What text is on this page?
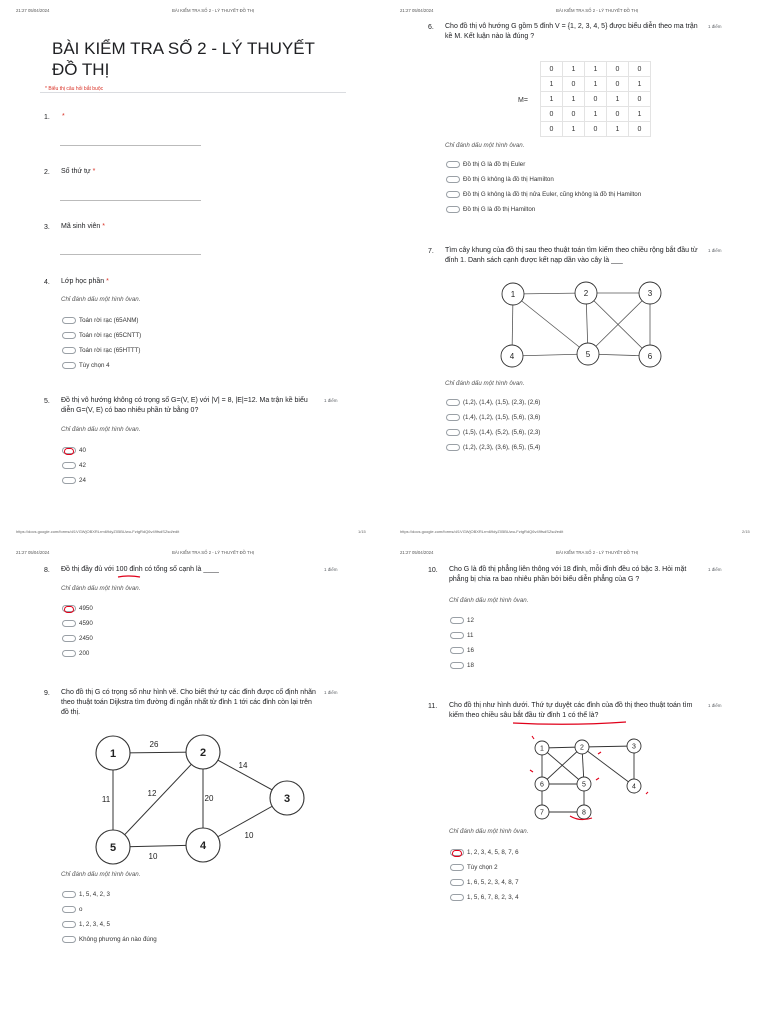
21:27 05/04/2024	BÀI KIỂM TRA SỐ 2 - LÝ THUYẾT ĐỒ THỊ
BÀI KIỂM TRA SỐ 2 - LÝ THUYẾT ĐỒ THỊ
* Biểu thị câu hỏi bắt buộc
1. *
2. Số thứ tự *
3. Mã sinh viên *
4. Lớp học phần *
Chỉ đánh dấu một hình ôvan.
Toán rời rạc (65ANM)
Toán rời rạc (65CNTT)
Toán rời rạc (65HTTT)
Tùy chọn 4
5. Đồ thị vô hướng không có trọng số G=(V, E) với |V| = 8, |E|=12. Ma trận kề biểu diễn G=(V, E) có bao nhiêu phần tử bằng 0?
1 điểm
Chỉ đánh dấu một hình ôvan.
40
42
24
https://docs.google.com/forms/d/1VGWjOBXRLrm69dyZ05BUwu-FztgRdQ6v49fsdSZsd/edit	1/15
21:27 05/04/2024	BÀI KIỂM TRA SỐ 2 - LÝ THUYẾT ĐỒ THỊ
6. Cho đồ thị vô hướng G gồm 5 đỉnh V = {1, 2, 3, 4, 5} được biểu diễn theo ma trận kề M. Kết luận nào là đúng ?
1 điểm
M=
0	1	1	0	0
1	0	1	0	1
1	1	0	1	0
0	0	1	0	1
0	1	0	1	0
Chỉ đánh dấu một hình ôvan.
Đồ thị G là đồ thị Euler
Đồ thị G không là đồ thị Hamilton
Đồ thị G không là đồ thị nửa Euler, cũng không là đồ thị Hamilton
Đồ thị G là đồ thị Hamilton
7. Tìm cây khung của đồ thị sau theo thuật toán tìm kiếm theo chiều rộng bắt đầu từ đỉnh 1. Danh sách cạnh được kết nạp dần vào cây là ___
1 điểm
1	2	3
4	5	6
Chỉ đánh dấu một hình ôvan.
(1,2), (1,4), (1,5), (2,3), (2,6)
(1,4), (1,2), (1,5), (5,6), (3,6)
(1,5), (1,4), (5,2), (5,6), (2,3)
(1,2), (2,3), (3,6), (6,5), (5,4)
https://docs.google.com/forms/d/1VGWjOBXRLrm69dyZ05BUwu-FztgRdQ6v49fsdSZsd/edit	2/15
21:27 05/04/2024	BÀI KIỂM TRA SỐ 2 - LÝ THUYẾT ĐỒ THỊ
8. Đồ thị đầy đủ với 100 đỉnh có tổng số cạnh là ____	1 điểm
Chỉ đánh dấu một hình ôvan.
4950
4590
2450
200
9. Cho đồ thị G có trọng số như hình vẽ. Cho biết thứ tự các đỉnh được cố định nhãn theo thuật toán Dijkstra tìm đường đi ngắn nhất từ đỉnh 1 tới các đỉnh còn lại trên đồ thị.
1 điểm
1	2
3
4
5
26
14
12
20
11
10
10
Chỉ đánh dấu một hình ôvan.
1, 5, 4, 2, 3
o
1, 2, 3, 4, 5
Không phương án nào đúng
21:27 05/04/2024	BÀI KIỂM TRA SỐ 2 - LÝ THUYẾT ĐỒ THỊ
10. Cho G là đồ thị phẳng liên thông với 18 đỉnh, mỗi đỉnh đều có bậc 3. Hỏi mặt phẳng bị chia ra bao nhiêu phần bởi biểu diễn phẳng của G ?
1 điểm
Chỉ đánh dấu một hình ôvan.
12
11
16
18
11. Cho đồ thị như hình dưới. Thứ tự duyệt các đỉnh của đồ thị theo thuật toán tìm kiếm theo chiều sâu bắt đầu từ đỉnh 1 có thể là?
1 điểm
1	2	3
4
5
6
7	8
Chỉ đánh dấu một hình ôvan.
1, 2, 3, 4, 5, 8, 7, 6
Tùy chọn 2
1, 6, 5, 2, 3, 4, 8, 7
1, 5, 6, 7, 8, 2, 3, 4
